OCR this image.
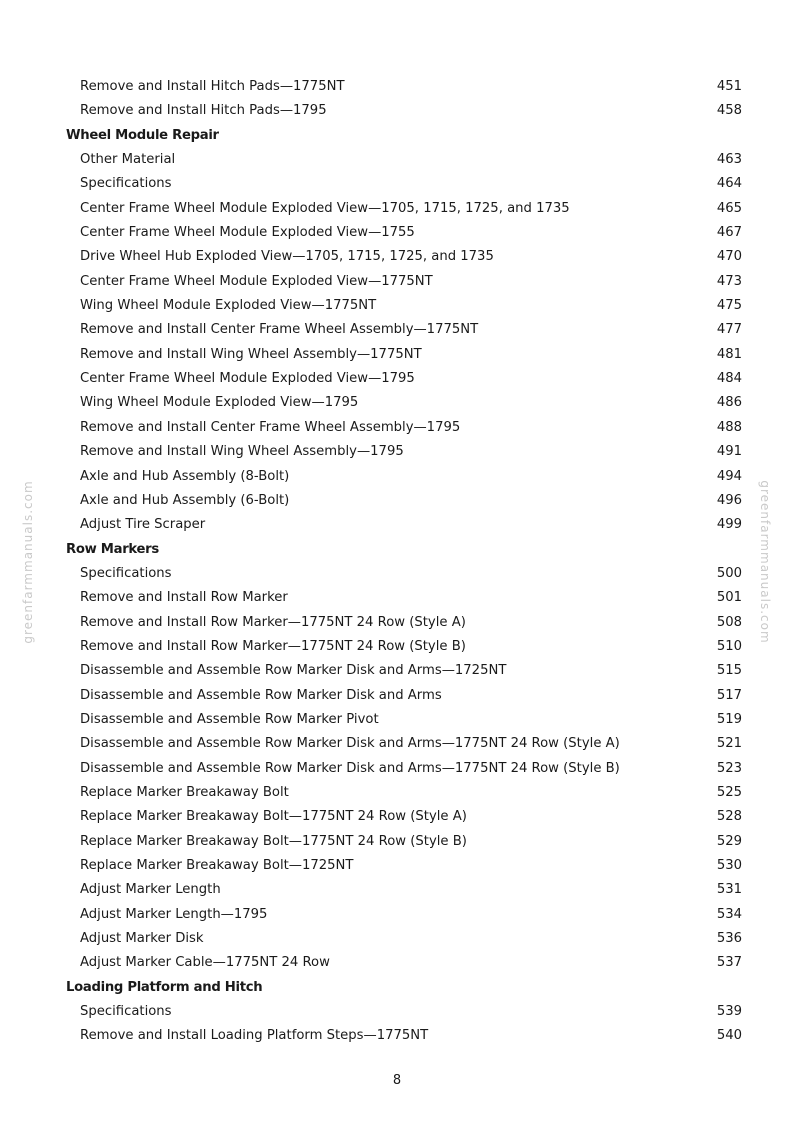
greenfarmmanuals.com	greenfarmmanuals.com
Remove and Install Hitch Pads—1775NT	451
Remove and Install Hitch Pads—1795	458
Wheel Module Repair
Other Material	463
Specifications	464
Center Frame Wheel Module Exploded View—1705, 1715, 1725, and 1735	465
Center Frame Wheel Module Exploded View—1755	467
Drive Wheel Hub Exploded View—1705, 1715, 1725, and 1735	470
Center Frame Wheel Module Exploded View—1775NT	473
Wing Wheel Module Exploded View—1775NT	475
Remove and Install Center Frame Wheel Assembly—1775NT	477
Remove and Install Wing Wheel Assembly—1775NT	481
Center Frame Wheel Module Exploded View—1795	484
Wing Wheel Module Exploded View—1795	486
Remove and Install Center Frame Wheel Assembly—1795	488
Remove and Install Wing Wheel Assembly—1795	491
Axle and Hub Assembly (8-Bolt)	494
Axle and Hub Assembly (6-Bolt)	496
Adjust Tire Scraper	499
Row Markers
Specifications	500
Remove and Install Row Marker	501
Remove and Install Row Marker—1775NT 24 Row (Style A)	508
Remove and Install Row Marker—1775NT 24 Row (Style B)	510
Disassemble and Assemble Row Marker Disk and Arms—1725NT	515
Disassemble and Assemble Row Marker Disk and Arms	517
Disassemble and Assemble Row Marker Pivot	519
Disassemble and Assemble Row Marker Disk and Arms—1775NT 24 Row (Style A)	521
Disassemble and Assemble Row Marker Disk and Arms—1775NT 24 Row (Style B)	523
Replace Marker Breakaway Bolt	525
Replace Marker Breakaway Bolt—1775NT 24 Row (Style A)	528
Replace Marker Breakaway Bolt—1775NT 24 Row (Style B)	529
Replace Marker Breakaway Bolt—1725NT	530
Adjust Marker Length	531
Adjust Marker Length—1795	534
Adjust Marker Disk	536
Adjust Marker Cable—1775NT 24 Row	537
Loading Platform and Hitch
Specifications	539
Remove and Install Loading Platform Steps—1775NT	540
8
